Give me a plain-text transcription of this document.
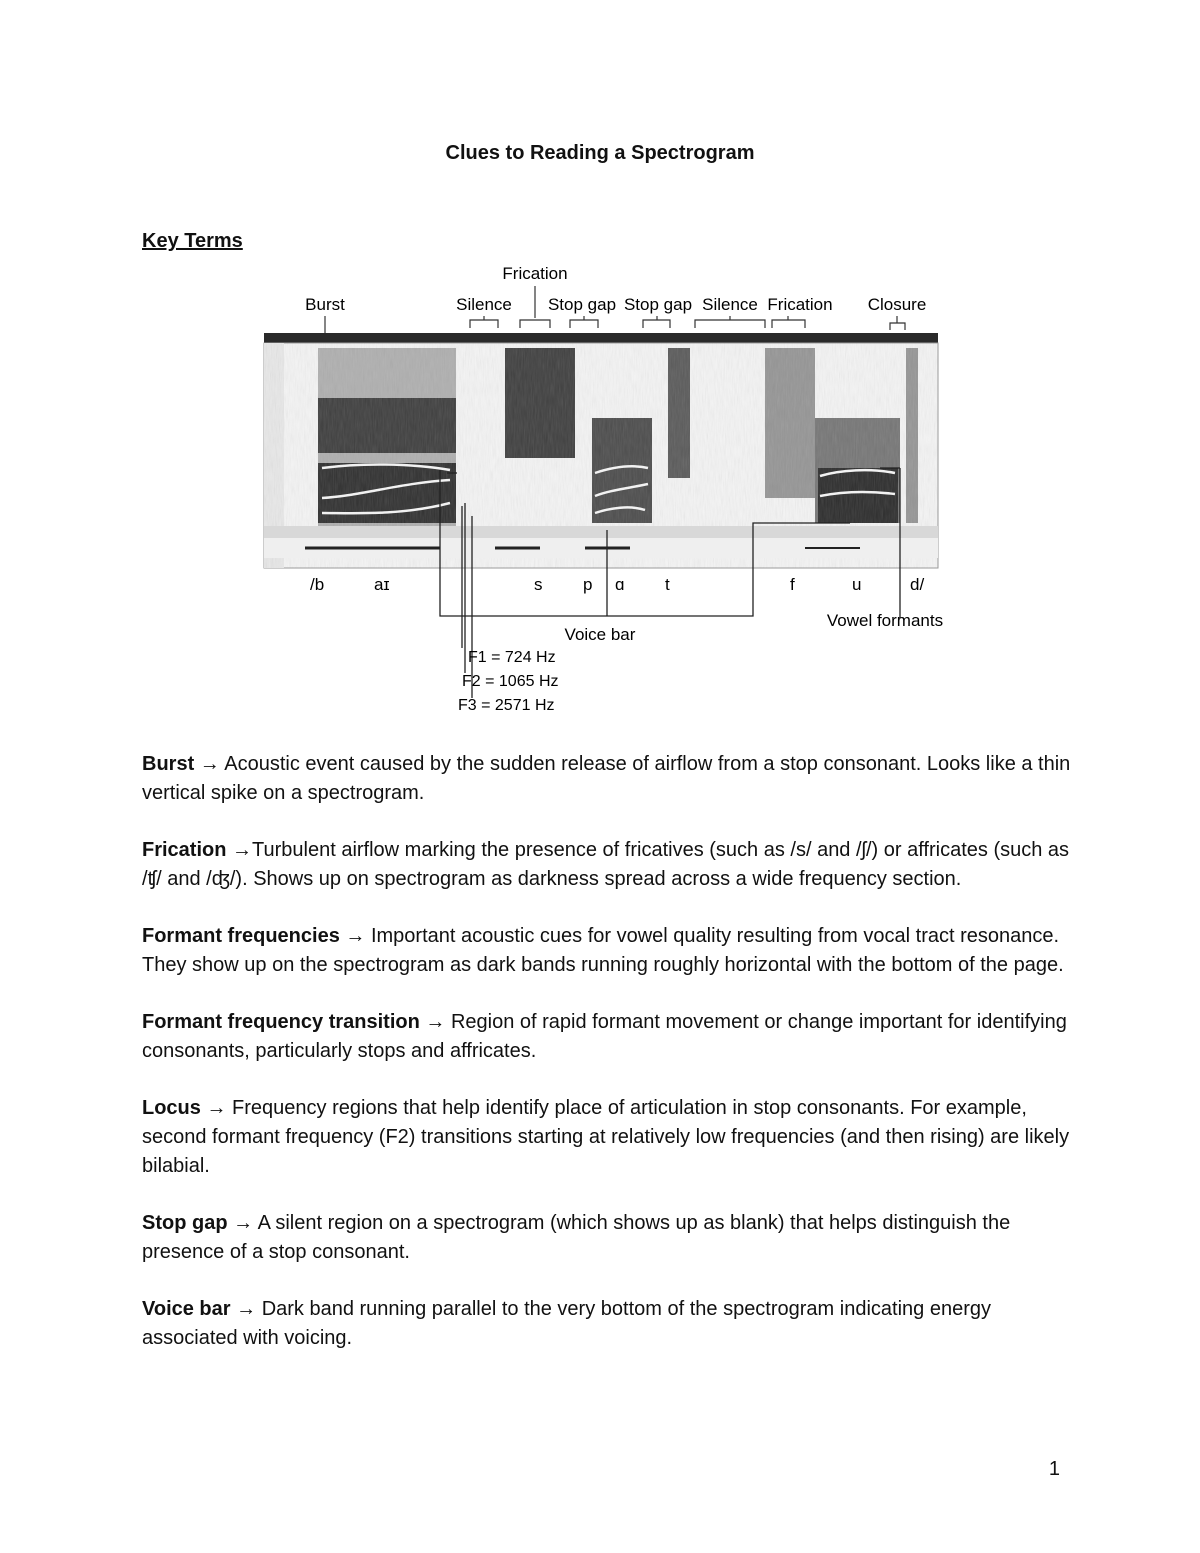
Clues to Reading a Spectrogram
Key Terms
Burst	Silence
Frication
Stop gap Stop gap Silence Frication Closure
/b	aɪ	s p ɑ t	f	u	d/
Voice bar
Vowel formants
F1 = 724 Hz
F2 = 1065 Hz
F3 = 2571 Hz

Burst → Acoustic event caused by the sudden release of airflow from a stop consonant. Looks like a thin vertical spike on a spectrogram.

Frication →Turbulent airflow marking the presence of fricatives (such as /s/ and /ʃ/) or affricates (such as /ʧ/ and /ʤ/). Shows up on spectrogram as darkness spread across a wide frequency section.

Formant frequencies → Important acoustic cues for vowel quality resulting from vocal tract resonance. They show up on the spectrogram as dark bands running roughly horizontal with the bottom of the page.

Formant frequency transition → Region of rapid formant movement or change important for identifying consonants, particularly stops and affricates.

Locus → Frequency regions that help identify place of articulation in stop consonants. For example, second formant frequency (F2) transitions starting at relatively low frequencies (and then rising) are likely bilabial.

Stop gap → A silent region on a spectrogram (which shows up as blank) that helps distinguish the presence of a stop consonant.

Voice bar → Dark band running parallel to the very bottom of the spectrogram indicating energy associated with voicing.

1
